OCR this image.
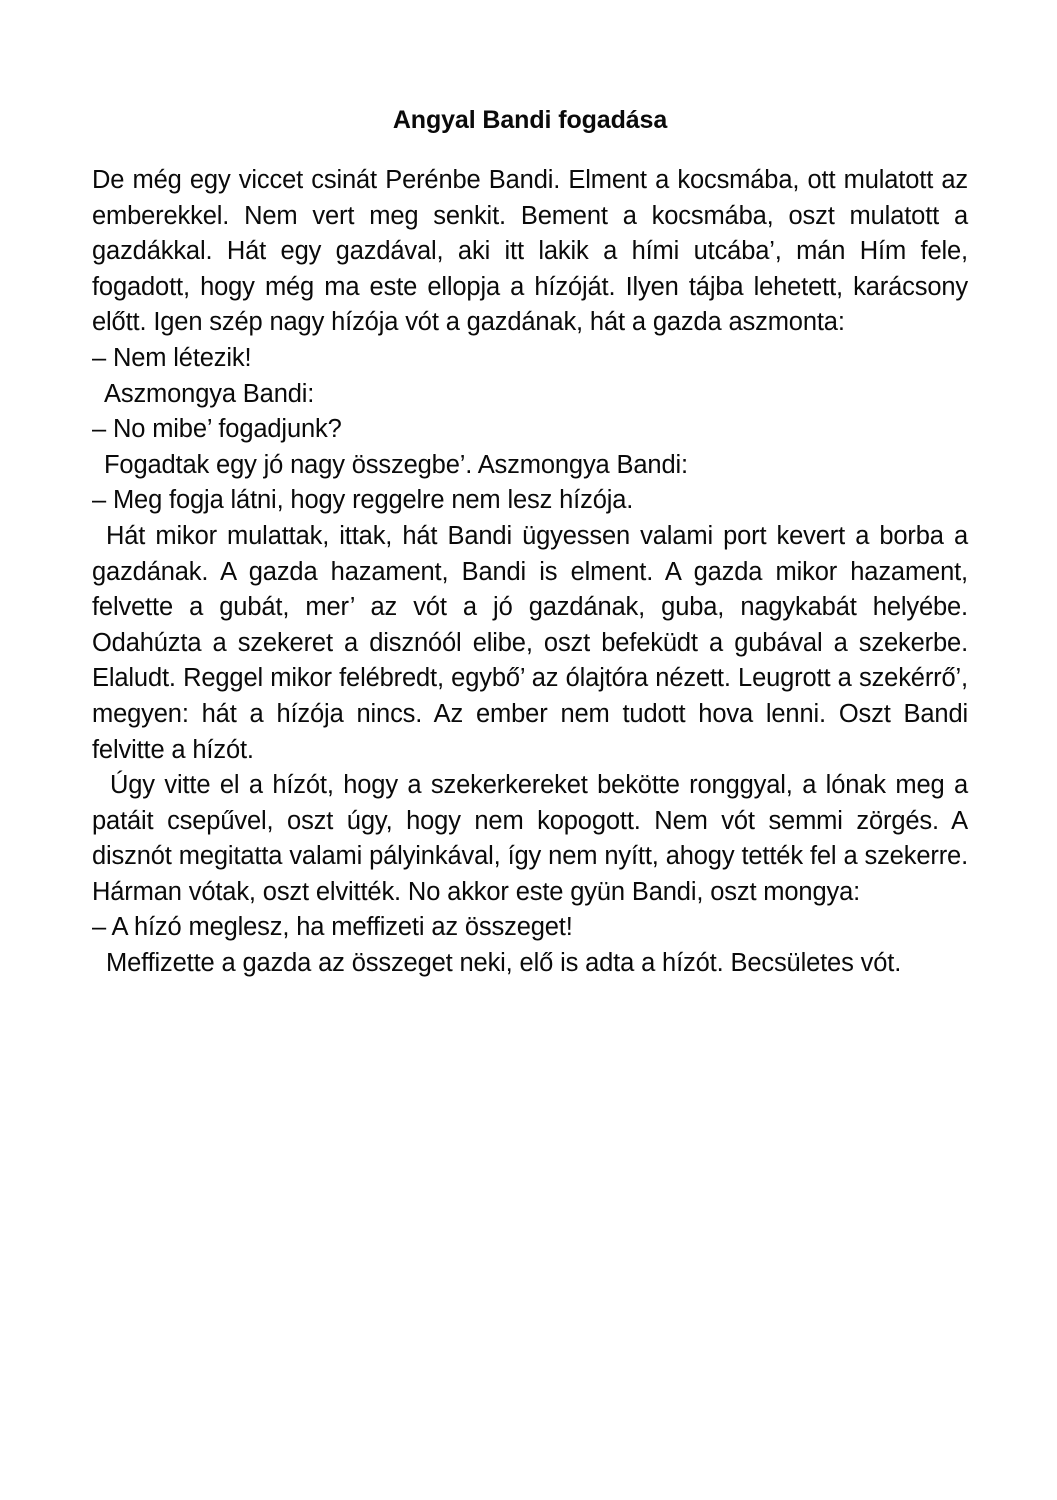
Angyal Bandi fogadása

De még egy viccet csinát Perénbe Bandi. Elment a kocsmába, ott mulatott az emberekkel. Nem vert meg senkit. Bement a kocsmába, oszt mulatott a gazdákkal. Hát egy gazdával, aki itt lakik a hími utcába’, mán Hím fele, fogadott, hogy még ma este ellopja a hízóját. Ilyen tájba lehetett, karácsony előtt. Igen szép nagy hízója vót a gazdának, hát a gazda aszmonta:

– Nem létezik!

Aszmongya Bandi:

– No mibe’ fogadjunk?

Fogadtak egy jó nagy összegbe’. Aszmongya Bandi:

– Meg fogja látni, hogy reggelre nem lesz hízója.

Hát mikor mulattak, ittak, hát Bandi ügyessen valami port kevert a borba a gazdának. A gazda hazament, Bandi is elment. A gazda mikor hazament, felvette a gubát, mer’ az vót a jó gazdának, guba, nagykabát helyébe. Odahúzta a szekeret a disznóól elibe, oszt befeküdt a gubával a szekerbe. Elaludt. Reggel mikor felébredt, egybő’ az ólajtóra nézett. Leugrott a szekérrő’, megyen: hát a hízója nincs. Az ember nem tudott hova lenni. Oszt Bandi felvitte a hízót.

Úgy vitte el a hízót, hogy a szekerkereket bekötte ronggyal, a lónak meg a patáit csepűvel, oszt úgy, hogy nem kopogott. Nem vót semmi zörgés. A disznót megitatta valami pályinkával, így nem nyítt, ahogy tették fel a szekerre. Hárman vótak, oszt elvitték. No akkor este gyün Bandi, oszt mongya:

– A hízó meglesz, ha meffizeti az összeget!

Meffizette a gazda az összeget neki, elő is adta a hízót. Becsületes vót.
